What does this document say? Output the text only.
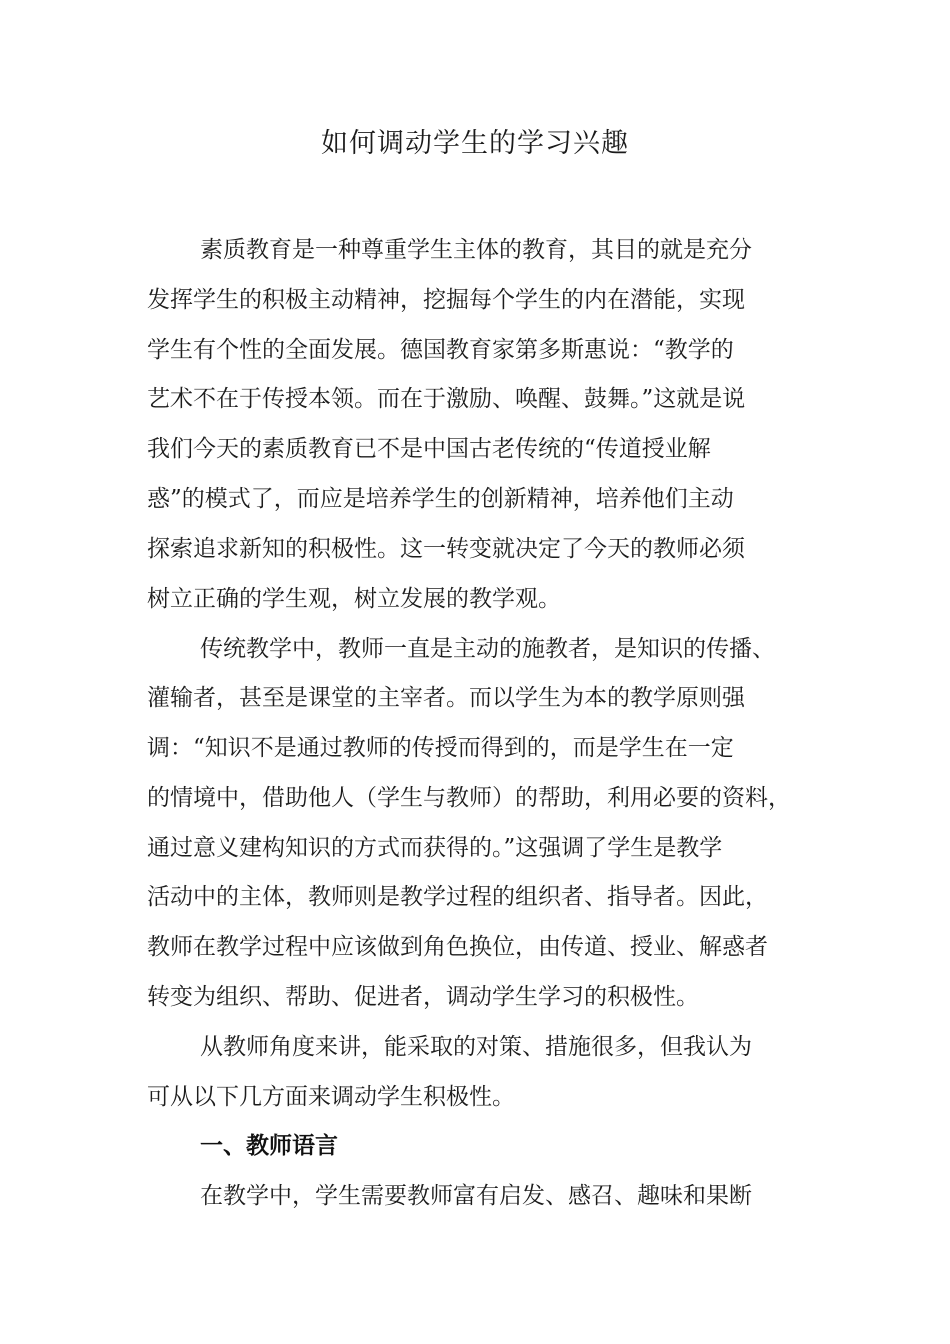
如何调动学生的学习兴趣
素质教育是一种尊重学生主体的教育，其目的就是充分
发挥学生的积极主动精神，挖掘每个学生的内在潜能，实现
学生有个性的全面发展。德国教育家第多斯惠说：“教学的
艺术不在于传授本领。而在于激励、唤醒、鼓舞。”这就是说
我们今天的素质教育已不是中国古老传统的“传道授业解
惑”的模式了，而应是培养学生的创新精神，培养他们主动
探索追求新知的积极性。这一转变就决定了今天的教师必须
树立正确的学生观，树立发展的教学观。
传统教学中，教师一直是主动的施教者，是知识的传播、
灌输者，甚至是课堂的主宰者。而以学生为本的教学原则强
调：“知识不是通过教师的传授而得到的，而是学生在一定
的情境中，借助他人（学生与教师）的帮助，利用必要的资料，
通过意义建构知识的方式而获得的。”这强调了学生是教学
活动中的主体，教师则是教学过程的组织者、指导者。因此，
教师在教学过程中应该做到角色换位，由传道、授业、解惑者
转变为组织、帮助、促进者，调动学生学习的积极性。
从教师角度来讲，能采取的对策、措施很多，但我认为
可从以下几方面来调动学生积极性。
一、教师语言
在教学中，学生需要教师富有启发、感召、趣味和果断
